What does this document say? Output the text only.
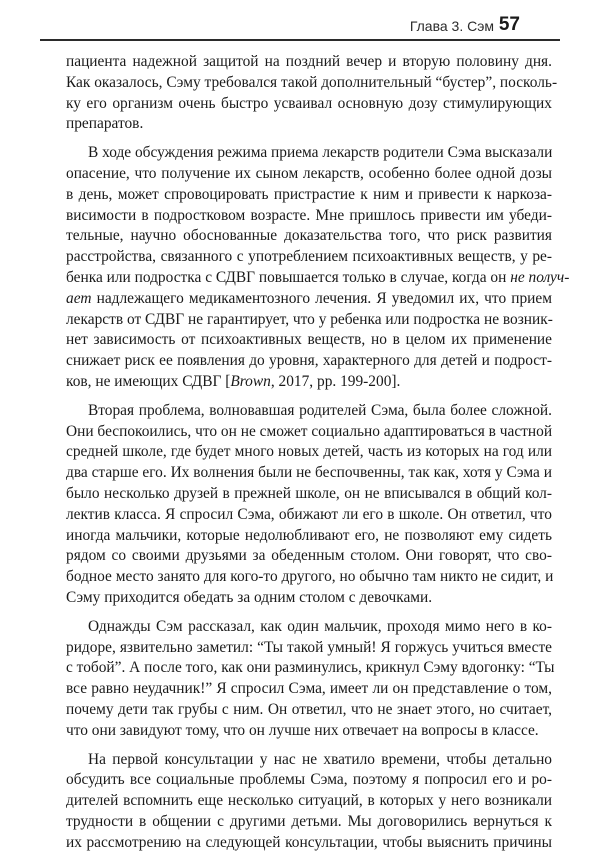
Глава 3. Сэм 57

пациента надежной защитой на поздний вечер и вторую половину дня.
Как оказалось, Сэму требовался такой дополнительный “бустер”, посколь-
ку его организм очень быстро усваивал основную дозу стимулирующих
препаратов.

В ходе обсуждения режима приема лекарств родители Сэма высказали
опасение, что получение их сыном лекарств, особенно более одной дозы
в день, может спровоцировать пристрастие к ним и привести к наркоза-
висимости в подростковом возрасте. Мне пришлось привести им убеди-
тельные, научно обоснованные доказательства того, что риск развития
расстройства, связанного с употреблением психоактивных веществ, у ре-
бенка или подростка с СДВГ повышается только в случае, когда он не получ-
ает надлежащего медикаментозного лечения. Я уведомил их, что прием
лекарств от СДВГ не гарантирует, что у ребенка или подростка не возник-
нет зависимость от психоактивных веществ, но в целом их применение
снижает риск ее появления до уровня, характерного для детей и подрост-
ков, не имеющих СДВГ [Brown, 2017, pp. 199-200].

Вторая проблема, волновавшая родителей Сэма, была более сложной.
Они беспокоились, что он не сможет социально адаптироваться в частной
средней школе, где будет много новых детей, часть из которых на год или
два старше его. Их волнения были не беспочвенны, так как, хотя у Сэма и
было несколько друзей в прежней школе, он не вписывался в общий кол-
лектив класса. Я спросил Сэма, обижают ли его в школе. Он ответил, что
иногда мальчики, которые недолюбливают его, не позволяют ему сидеть
рядом со своими друзьями за обеденным столом. Они говорят, что сво-
бодное место занято для кого-то другого, но обычно там никто не сидит, и
Сэму приходится обедать за одним столом с девочками.

Однажды Сэм рассказал, как один мальчик, проходя мимо него в ко-
ридоре, язвительно заметил: “Ты такой умный! Я горжусь учиться вместе
с тобой”. А после того, как они разминулись, крикнул Сэму вдогонку: “Ты
все равно неудачник!” Я спросил Сэма, имеет ли он представление о том,
почему дети так грубы с ним. Он ответил, что не знает этого, но считает,
что они завидуют тому, что он лучше них отвечает на вопросы в классе.

На первой консультации у нас не хватило времени, чтобы детально
обсудить все социальные проблемы Сэма, поэтому я попросил его и ро-
дителей вспомнить еще несколько ситуаций, в которых у него возникали
трудности в общении с другими детьми. Мы договорились вернуться к
их рассмотрению на следующей консультации, чтобы выяснить причины
